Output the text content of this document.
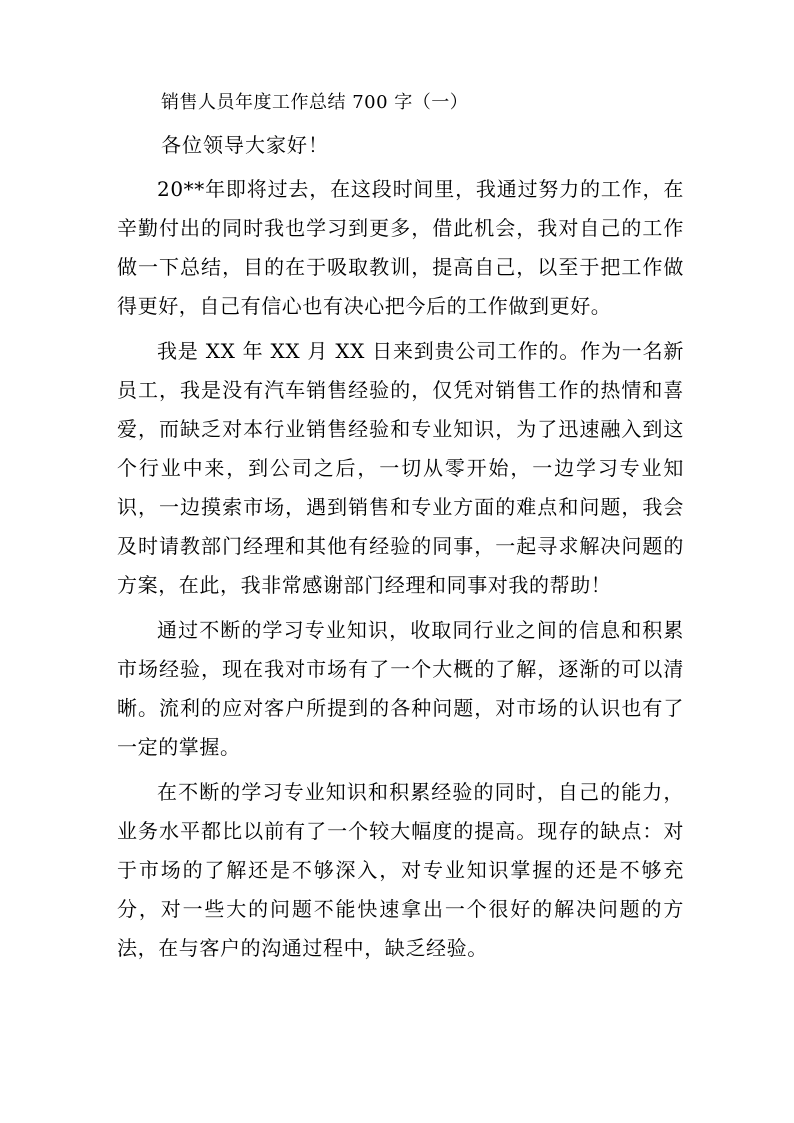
销售人员年度工作总结 700 字（一）

各位领导大家好！

20**年即将过去，在这段时间里，我通过努力的工作，在辛勤付出的同时我也学习到更多，借此机会，我对自己的工作做一下总结，目的在于吸取教训，提高自己，以至于把工作做得更好，自己有信心也有决心把今后的工作做到更好。

我是 XX 年 XX 月 XX 日来到贵公司工作的。作为一名新员工，我是没有汽车销售经验的，仅凭对销售工作的热情和喜爱，而缺乏对本行业销售经验和专业知识，为了迅速融入到这个行业中来，到公司之后，一切从零开始，一边学习专业知识，一边摸索市场，遇到销售和专业方面的难点和问题，我会及时请教部门经理和其他有经验的同事，一起寻求解决问题的方案，在此，我非常感谢部门经理和同事对我的帮助！

通过不断的学习专业知识，收取同行业之间的信息和积累市场经验，现在我对市场有了一个大概的了解，逐渐的可以清晰。流利的应对客户所提到的各种问题，对市场的认识也有了一定的掌握。

在不断的学习专业知识和积累经验的同时，自己的能力，业务水平都比以前有了一个较大幅度的提高。现存的缺点：对于市场的了解还是不够深入，对专业知识掌握的还是不够充分，对一些大的问题不能快速拿出一个很好的解决问题的方法，在与客户的沟通过程中，缺乏经验。
